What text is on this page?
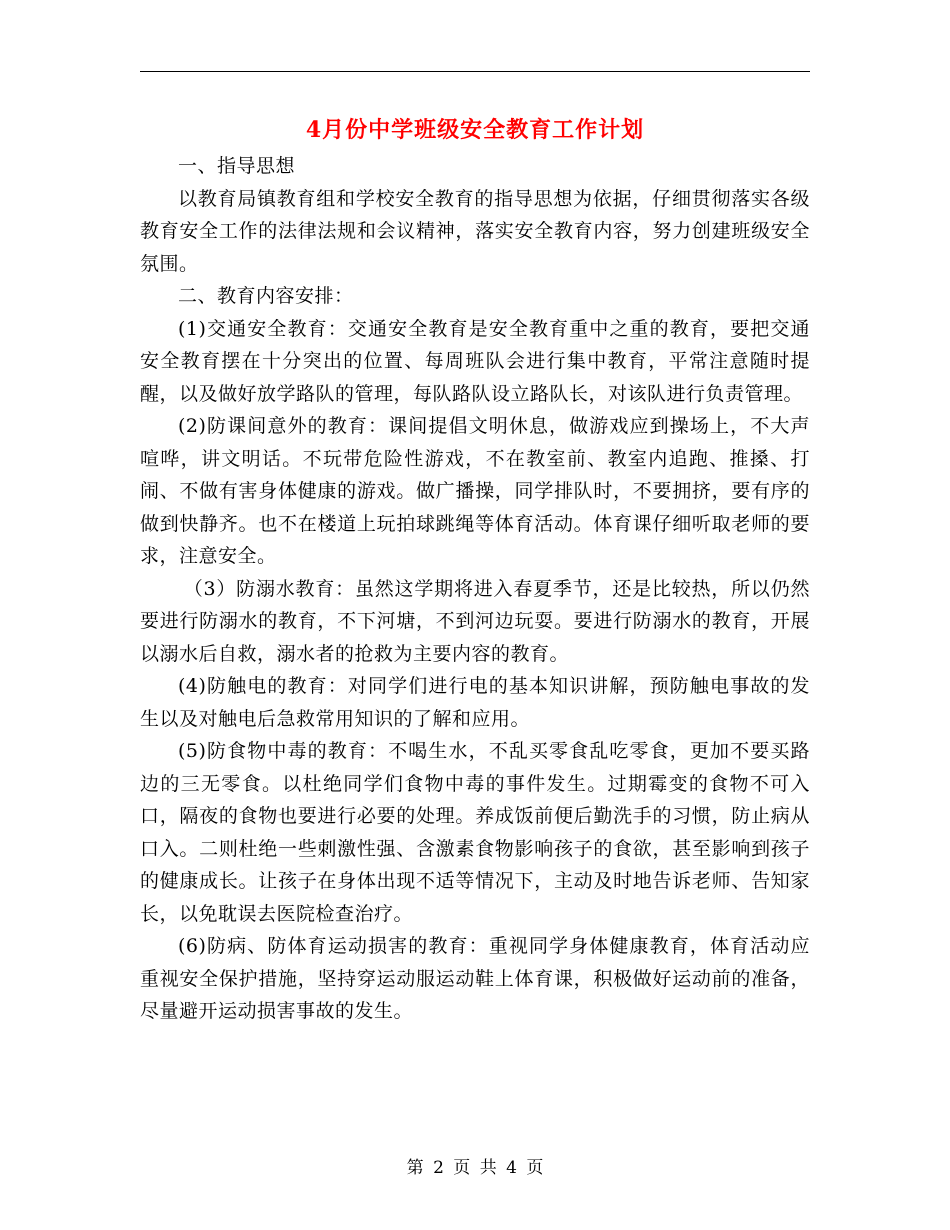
4月份中学班级安全教育工作计划

一、指导思想

以教育局镇教育组和学校安全教育的指导思想为依据，仔细贯彻落实各级教育安全工作的法律法规和会议精神，落实安全教育内容，努力创建班级安全氛围。

二、教育内容安排：

(1)交通安全教育：交通安全教育是安全教育重中之重的教育，要把交通安全教育摆在十分突出的位置、每周班队会进行集中教育，平常注意随时提醒，以及做好放学路队的管理，每队路队设立路队长，对该队进行负责管理。

(2)防课间意外的教育：课间提倡文明休息，做游戏应到操场上，不大声喧哗，讲文明话。不玩带危险性游戏，不在教室前、教室内追跑、推搡、打闹、不做有害身体健康的游戏。做广播操，同学排队时，不要拥挤，要有序的做到快静齐。也不在楼道上玩拍球跳绳等体育活动。体育课仔细听取老师的要求，注意安全。

（3）防溺水教育：虽然这学期将进入春夏季节，还是比较热，所以仍然要进行防溺水的教育，不下河塘，不到河边玩耍。要进行防溺水的教育，开展以溺水后自救，溺水者的抢救为主要内容的教育。

(4)防触电的教育：对同学们进行电的基本知识讲解，预防触电事故的发生以及对触电后急救常用知识的了解和应用。

(5)防食物中毒的教育：不喝生水，不乱买零食乱吃零食，更加不要买路边的三无零食。以杜绝同学们食物中毒的事件发生。过期霉变的食物不可入口，隔夜的食物也要进行必要的处理。养成饭前便后勤洗手的习惯，防止病从口入。二则杜绝一些刺激性强、含激素食物影响孩子的食欲，甚至影响到孩子的健康成长。让孩子在身体出现不适等情况下，主动及时地告诉老师、告知家长，以免耽误去医院检查治疗。

(6)防病、防体育运动损害的教育：重视同学身体健康教育，体育活动应重视安全保护措施，坚持穿运动服运动鞋上体育课，积极做好运动前的准备，尽量避开运动损害事故的发生。

第 2 页 共 4 页
